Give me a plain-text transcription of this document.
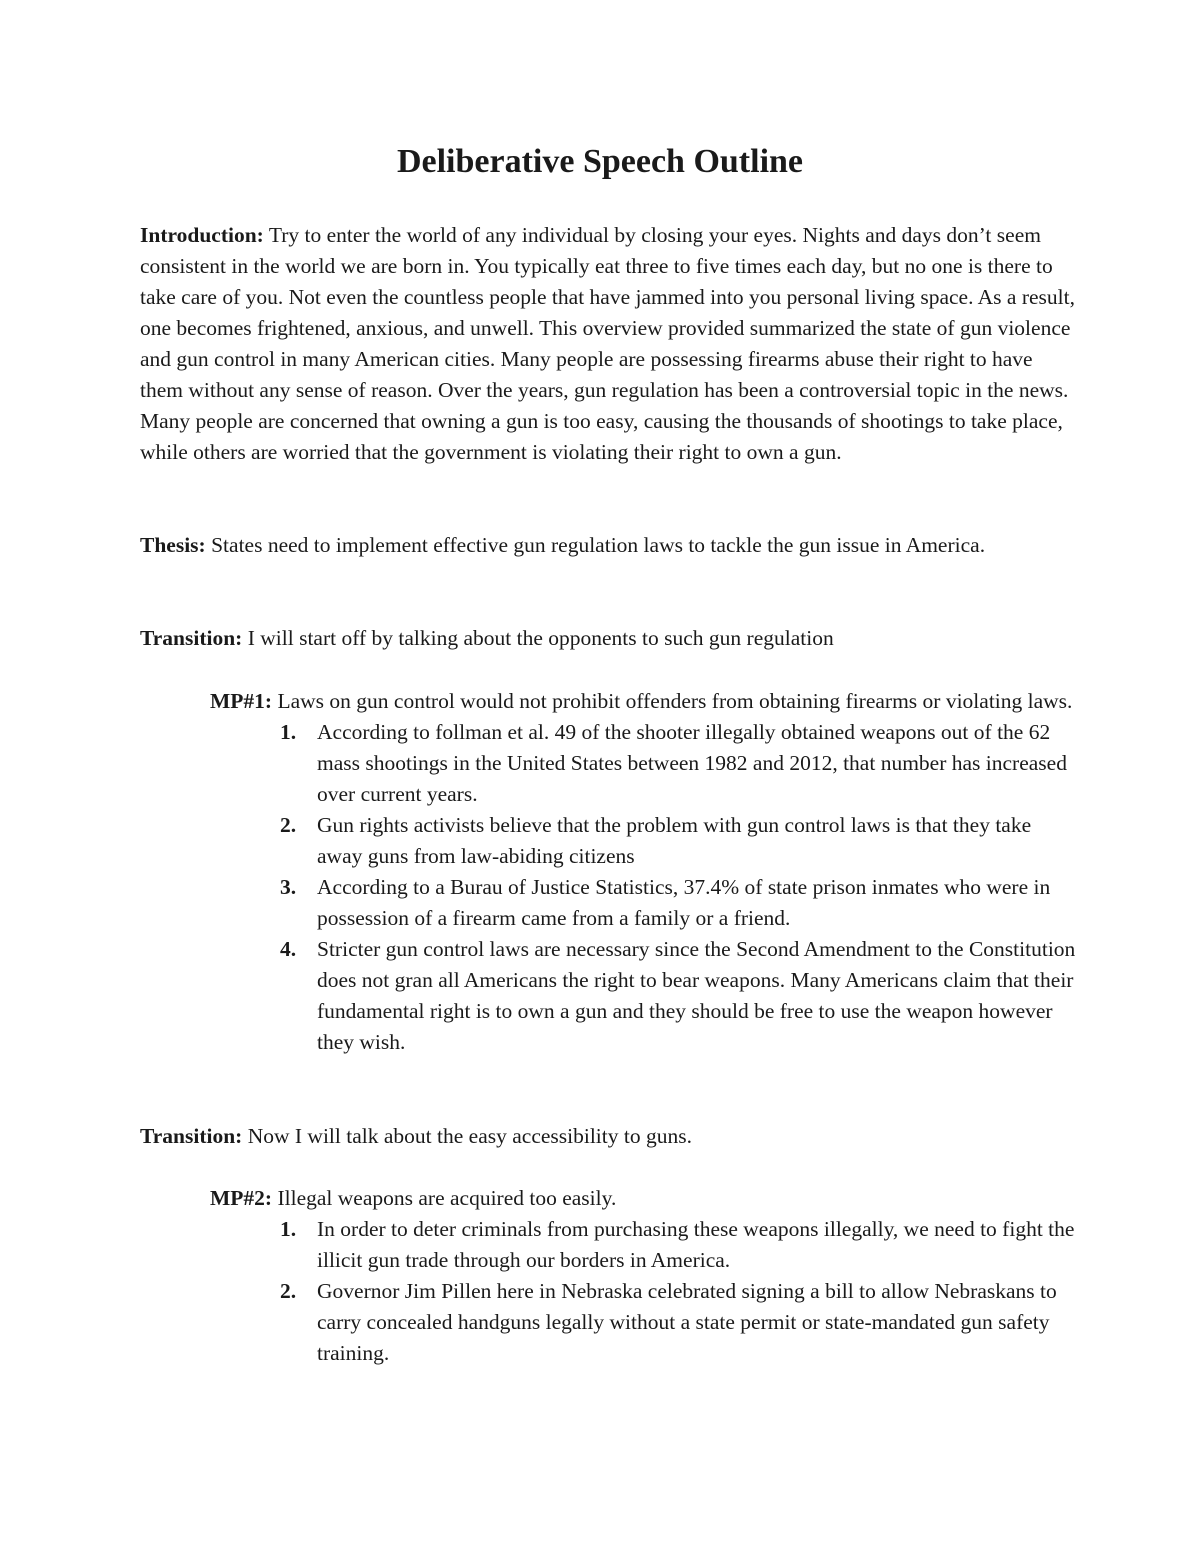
Deliberative Speech Outline
Introduction: Try to enter the world of any individual by closing your eyes. Nights and days don’t seem consistent in the world we are born in. You typically eat three to five times each day, but no one is there to take care of you. Not even the countless people that have jammed into you personal living space. As a result, one becomes frightened, anxious, and unwell. This overview provided summarized the state of gun violence and gun control in many American cities. Many people are possessing firearms abuse their right to have them without any sense of reason. Over the years, gun regulation has been a controversial topic in the news. Many people are concerned that owning a gun is too easy, causing the thousands of shootings to take place, while others are worried that the government is violating their right to own a gun.
Thesis: States need to implement effective gun regulation laws to tackle the gun issue in America.
Transition: I will start off by talking about the opponents to such gun regulation
MP#1: Laws on gun control would not prohibit offenders from obtaining firearms or violating laws.
1. According to follman et al. 49 of the shooter illegally obtained weapons out of the 62 mass shootings in the United States between 1982 and 2012, that number has increased over current years.
2. Gun rights activists believe that the problem with gun control laws is that they take away guns from law-abiding citizens
3. According to a Burau of Justice Statistics, 37.4% of state prison inmates who were in possession of a firearm came from a family or a friend.
4. Stricter gun control laws are necessary since the Second Amendment to the Constitution does not gran all Americans the right to bear weapons. Many Americans claim that their fundamental right is to own a gun and they should be free to use the weapon however they wish.
Transition: Now I will talk about the easy accessibility to guns.
MP#2: Illegal weapons are acquired too easily.
1. In order to deter criminals from purchasing these weapons illegally, we need to fight the illicit gun trade through our borders in America.
2. Governor Jim Pillen here in Nebraska celebrated signing a bill to allow Nebraskans to carry concealed handguns legally without a state permit or state-mandated gun safety training.
